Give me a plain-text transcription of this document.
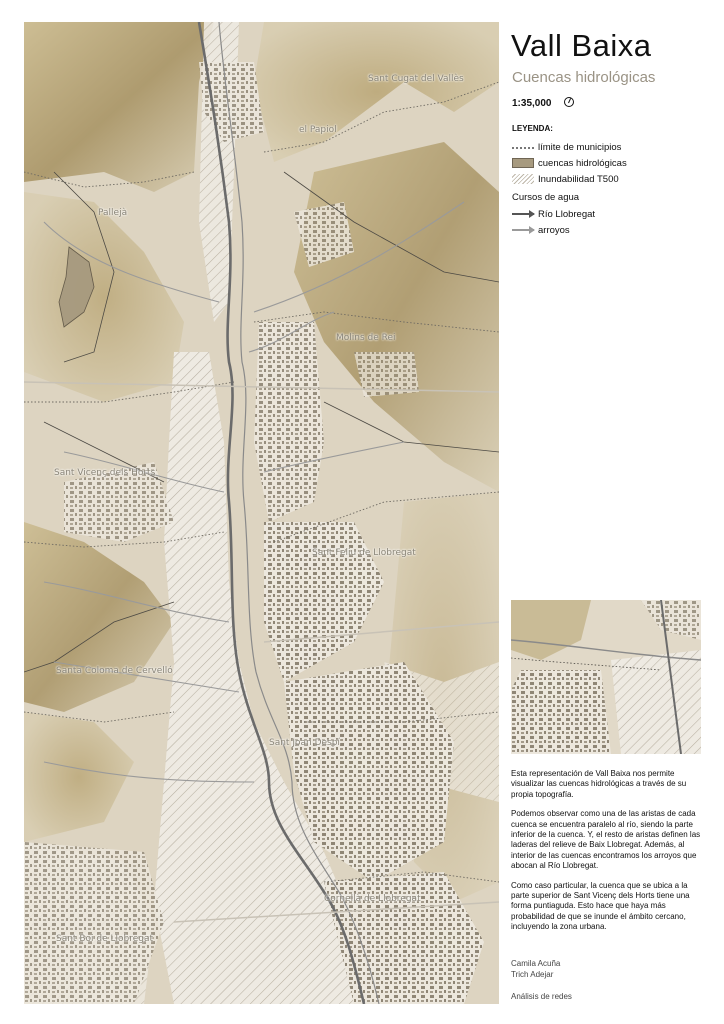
Sant Cugat del Vallès
el Papiol
Pallejà
Molins de Rei
Sant Vicenç dels Horts
Sant Feliu de Llobregat
Santa Coloma de Cervelló
Sant Joan Despí
Cornellà de Llobregat
Sant Boi de Llobregat
Vall Baixa
Cuencas hidrológicas
1:35,000
LEYENDA:
límite de municipios
cuencas hidrológicas
Inundabilidad T500
Cursos de agua
Río Llobregat
arroyos

Esta representación de Vall Baixa nos permite visualizar las cuencas hidrológicas a través de su propia topografía.

Podemos observar como una de las aristas de cada cuenca se encuentra paralelo al río, siendo la parte inferior de la cuenca. Y, el resto de aristas definen las laderas del relieve de Baix Llobregat. Además, al interior de las cuencas encontramos los arroyos que abocan al Río Llobregat.

Como caso particular, la cuenca que se ubica a la parte superior de Sant Vicenç dels Horts tiene una forma puntiaguda. Esto hace que haya más probabilidad de que se inunde el ámbito cercano, incluyendo la zona urbana.

Camila Acuña
Trich Adejar
Análisis de redes
